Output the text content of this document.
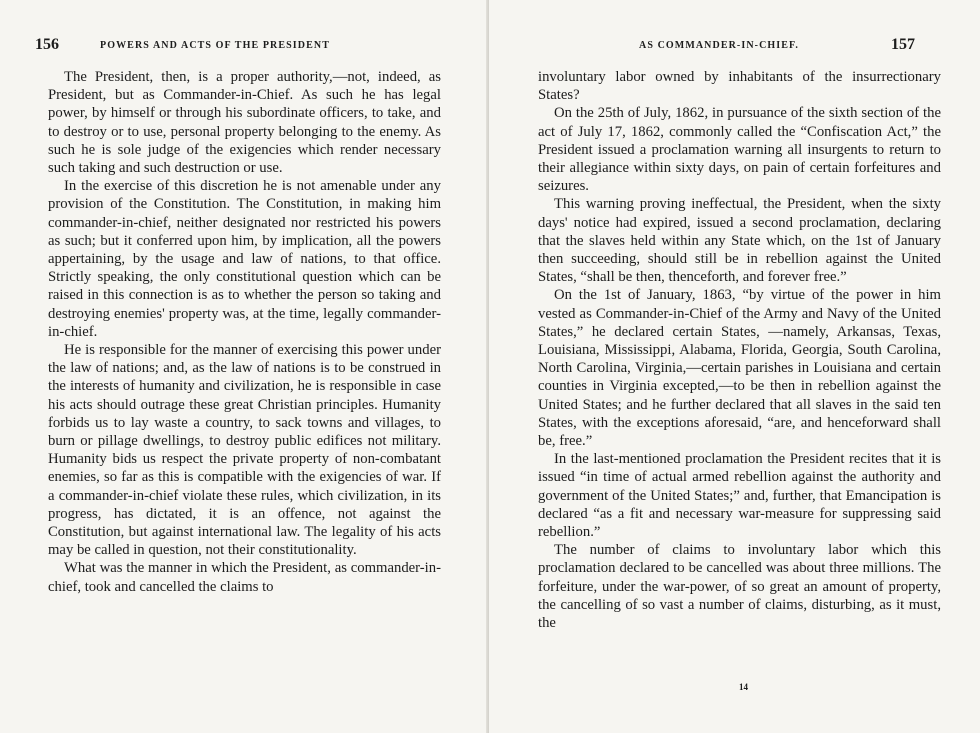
156	POWERS AND ACTS OF THE PRESIDENT

The President, then, is a proper authority,—not, indeed, as President, but as Commander-in-Chief. As such he has legal power, by himself or through his subordinate officers, to take, and to destroy or to use, personal property belonging to the enemy. As such he is sole judge of the exigencies which render necessary such taking and such destruction or use.

In the exercise of this discretion he is not amenable under any provision of the Constitution. The Constitution, in making him commander-in-chief, neither designated nor restricted his powers as such; but it conferred upon him, by implication, all the powers appertaining, by the usage and law of nations, to that office. Strictly speaking, the only constitutional question which can be raised in this connection is as to whether the person so taking and destroying enemies' property was, at the time, legally commander-in-chief.

He is responsible for the manner of exercising this power under the law of nations; and, as the law of nations is to be construed in the interests of humanity and civilization, he is responsible in case his acts should outrage these great Christian principles. Humanity forbids us to lay waste a country, to sack towns and villages, to burn or pillage dwellings, to destroy public edifices not military. Humanity bids us respect the private property of non-combatant enemies, so far as this is compatible with the exigencies of war. If a commander-in-chief violate these rules, which civilization, in its progress, has dictated, it is an offence, not against the Constitution, but against international law. The legality of his acts may be called in question, not their constitutionality.

What was the manner in which the President, as commander-in-chief, took and cancelled the claims to

AS COMMANDER-IN-CHIEF.	157

involuntary labor owned by inhabitants of the insurrectionary States?

On the 25th of July, 1862, in pursuance of the sixth section of the act of July 17, 1862, commonly called the “Confiscation Act,” the President issued a proclamation warning all insurgents to return to their allegiance within sixty days, on pain of certain forfeitures and seizures.

This warning proving ineffectual, the President, when the sixty days' notice had expired, issued a second proclamation, declaring that the slaves held within any State which, on the 1st of January then succeeding, should still be in rebellion against the United States, “shall be then, thenceforth, and forever free.”

On the 1st of January, 1863, “by virtue of the power in him vested as Commander-in-Chief of the Army and Navy of the United States,” he declared certain States, —namely, Arkansas, Texas, Louisiana, Mississippi, Alabama, Florida, Georgia, South Carolina, North Carolina, Virginia,—certain parishes in Louisiana and certain counties in Virginia excepted,—to be then in rebellion against the United States; and he further declared that all slaves in the said ten States, with the exceptions aforesaid, “are, and henceforward shall be, free.”

In the last-mentioned proclamation the President recites that it is issued “in time of actual armed rebellion against the authority and government of the United States;” and, further, that Emancipation is declared “as a fit and necessary war-measure for suppressing said rebellion.”

The number of claims to involuntary labor which this proclamation declared to be cancelled was about three millions. The forfeiture, under the war-power, of so great an amount of property, the cancelling of so vast a number of claims, disturbing, as it must, the

14
